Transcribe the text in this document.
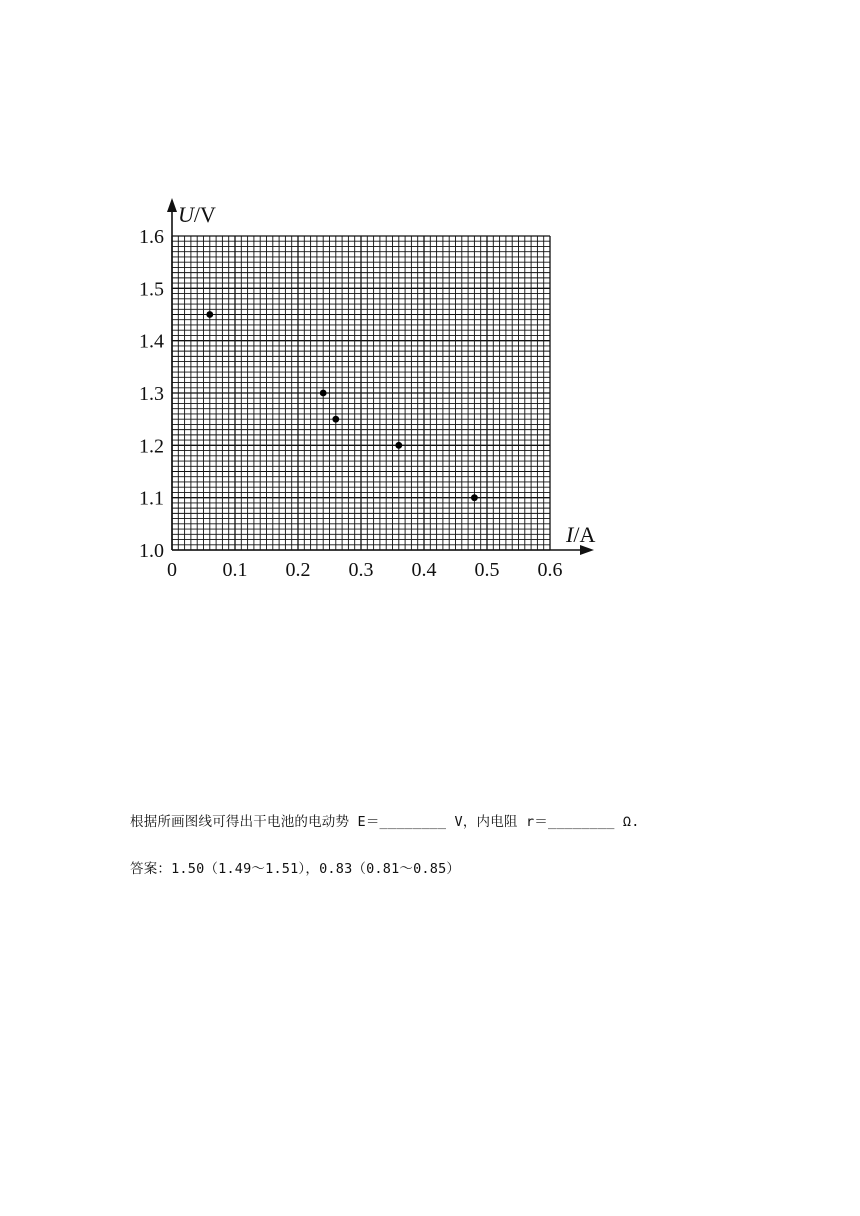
1.0
1.1
1.2
1.3
1.4
1.5
1.6
0 0.1 0.2 0.3 0.4 0.5 0.6
U/V
I/A
根据所画图线可得出干电池的电动势 E＝________ V，内电阻 r＝________ Ω.
答案：1.50（1.49～1.51），0.83（0.81～0.85）
